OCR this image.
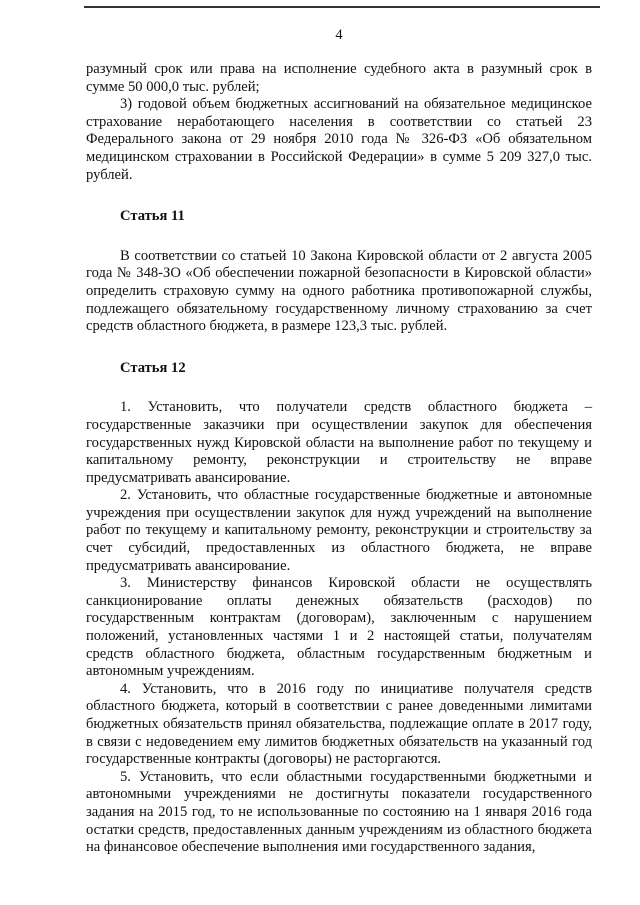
4

разумный срок или права на исполнение судебного акта в разумный срок в сумме 50 000,0 тыс. рублей;

3) годовой объем бюджетных ассигнований на обязательное медицинское страхование неработающего населения в соответствии со статьей 23 Федерального закона от 29 ноября 2010 года № 326-ФЗ «Об обязательном медицинском страховании в Российской Федерации» в сумме 5 209 327,0 тыс. рублей.

Статья 11

В соответствии со статьей 10 Закона Кировской области от 2 августа 2005 года № 348-ЗО «Об обеспечении пожарной безопасности в Кировской области» определить страховую сумму на одного работника противопожарной службы, подлежащего обязательному государственному личному страхованию за счет средств областного бюджета, в размере 123,3 тыс. рублей.

Статья 12

1. Установить, что получатели средств областного бюджета – государственные заказчики при осуществлении закупок для обеспечения государственных нужд Кировской области на выполнение работ по текущему и капитальному ремонту, реконструкции и строительству не вправе предусматривать авансирование.

2. Установить, что областные государственные бюджетные и автономные учреждения при осуществлении закупок для нужд учреждений на выполнение работ по текущему и капитальному ремонту, реконструкции и строительству за счет субсидий, предоставленных из областного бюджета, не вправе предусматривать авансирование.

3. Министерству финансов Кировской области не осуществлять санкционирование оплаты денежных обязательств (расходов) по государственным контрактам (договорам), заключенным с нарушением положений, установленных частями 1 и 2 настоящей статьи, получателям средств областного бюджета, областным государственным бюджетным и автономным учреждениям.

4. Установить, что в 2016 году по инициативе получателя средств областного бюджета, который в соответствии с ранее доведенными лимитами бюджетных обязательств принял обязательства, подлежащие оплате в 2017 году, в связи с недоведением ему лимитов бюджетных обязательств на указанный год государственные контракты (договоры) не расторгаются.

5. Установить, что если областными государственными бюджетными и автономными учреждениями не достигнуты показатели государственного задания на 2015 год, то не использованные по состоянию на 1 января 2016 года остатки средств, предоставленных данным учреждениям из областного бюджета на финансовое обеспечение выполнения ими государственного задания,
